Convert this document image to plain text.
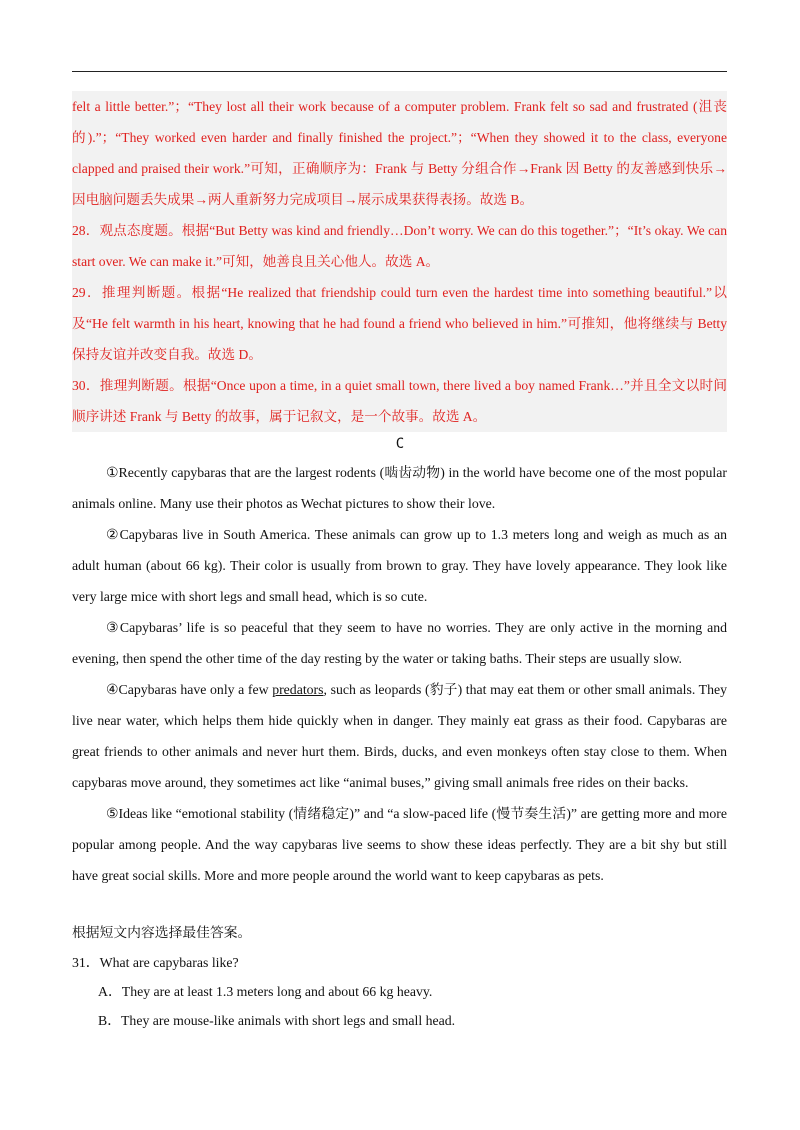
felt a little better.”；“They lost all their work because of a computer problem. Frank felt so sad and frustrated (沮丧的).”；“They worked even harder and finally finished the project.”；“When they showed it to the class, everyone clapped and praised their work.”可知，正确顺序为：Frank 与 Betty 分组合作→Frank 因 Betty 的友善感到快乐→因电脑问题丢失成果→两人重新努力完成项目→展示成果获得表扬。故选 B。

28．观点态度题。根据“But Betty was kind and friendly…Don’t worry. We can do this together.”；“It’s okay. We can start over. We can make it.”可知，她善良且关心他人。故选 A。

29．推理判断题。根据“He realized that friendship could turn even the hardest time into something beautiful.”以及“He felt warmth in his heart, knowing that he had found a friend who believed in him.”可推知，他将继续与 Betty 保持友谊并改变自我。故选 D。

30．推理判断题。根据“Once upon a time, in a quiet small town, there lived a boy named Frank…”并且全文以时间顺序讲述 Frank 与 Betty 的故事，属于记叙文，是一个故事。故选 A。

C

①Recently capybaras that are the largest rodents (啮齿动物) in the world have become one of the most popular animals online. Many use their photos as Wechat pictures to show their love.

②Capybaras live in South America. These animals can grow up to 1.3 meters long and weigh as much as an adult human (about 66 kg). Their color is usually from brown to gray. They have lovely appearance. They look like very large mice with short legs and small head, which is so cute.

③Capybaras’ life is so peaceful that they seem to have no worries. They are only active in the morning and evening, then spend the other time of the day resting by the water or taking baths. Their steps are usually slow.

④Capybaras have only a few predators, such as leopards (豹子) that may eat them or other small animals. They live near water, which helps them hide quickly when in danger. They mainly eat grass as their food. Capybaras are great friends to other animals and never hurt them. Birds, ducks, and even monkeys often stay close to them. When capybaras move around, they sometimes act like “animal buses,” giving small animals free rides on their backs.

⑤Ideas like “emotional stability (情绪稳定)” and “a slow-paced life (慢节奏生活)” are getting more and more popular among people. And the way capybaras live seems to show these ideas perfectly. They are a bit shy but still have great social skills. More and more people around the world want to keep capybaras as pets.

根据短文内容选择最佳答案。
31．What are capybaras like?
A．They are at least 1.3 meters long and about 66 kg heavy.
B．They are mouse-like animals with short legs and small head.
